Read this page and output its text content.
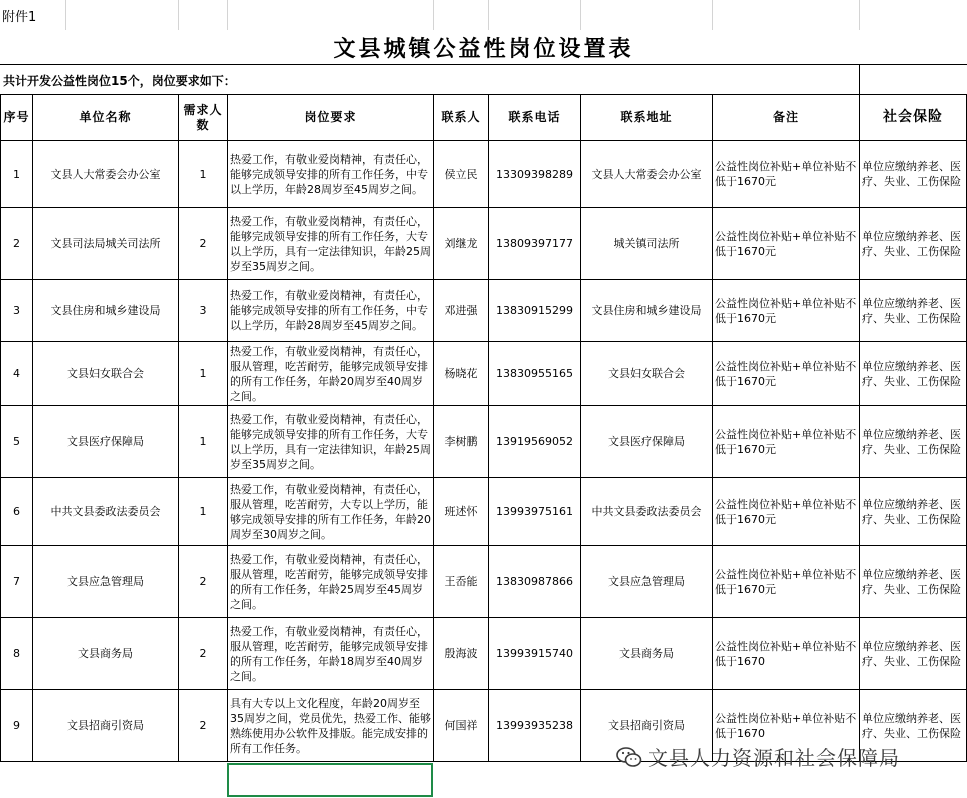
附件1
文县城镇公益性岗位设置表
共计开发公益性岗位15个，岗位要求如下：
序号	单位名称	需求人数	岗位要求	联系人	联系电话	联系地址	备注	社会保险
1	文县人大常委会办公室	1	热爱工作，有敬业爱岗精神，有责任心，能够完成领导安排的所有工作任务，中专以上学历，年龄28周岁至45周岁之间。	侯立民	13309398289	文县人大常委会办公室	公益性岗位补贴+单位补贴不低于1670元	单位应缴纳养老、医疗、失业、工伤保险
2	文县司法局城关司法所	2	热爱工作，有敬业爱岗精神，有责任心，能够完成领导安排的所有工作任务，大专以上学历，具有一定法律知识，年龄25周岁至35周岁之间。	刘继龙	13809397177	城关镇司法所	公益性岗位补贴+单位补贴不低于1670元	单位应缴纳养老、医疗、失业、工伤保险
3	文县住房和城乡建设局	3	热爱工作，有敬业爱岗精神，有责任心，能够完成领导安排的所有工作任务，中专以上学历，年龄28周岁至45周岁之间。	邓进强	13830915299	文县住房和城乡建设局	公益性岗位补贴+单位补贴不低于1670元	单位应缴纳养老、医疗、失业、工伤保险
4	文县妇女联合会	1	热爱工作，有敬业爱岗精神，有责任心，服从管理，吃苦耐劳，能够完成领导安排的所有工作任务，年龄20周岁至40周岁之间。	杨晓花	13830955165	文县妇女联合会	公益性岗位补贴+单位补贴不低于1670元	单位应缴纳养老、医疗、失业、工伤保险
5	文县医疗保障局	1	热爱工作，有敬业爱岗精神，有责任心，能够完成领导安排的所有工作任务，大专以上学历，具有一定法律知识，年龄25周岁至35周岁之间。	李树鹏	13919569052	文县医疗保障局	公益性岗位补贴+单位补贴不低于1670元	单位应缴纳养老、医疗、失业、工伤保险
6	中共文县委政法委员会	1	热爱工作，有敬业爱岗精神，有责任心，服从管理，吃苦耐劳，大专以上学历，能够完成领导安排的所有工作任务，年龄20周岁至30周岁之间。	班述怀	13993975161	中共文县委政法委员会	公益性岗位补贴+单位补贴不低于1670元	单位应缴纳养老、医疗、失业、工伤保险
7	文县应急管理局	2	热爱工作，有敬业爱岗精神，有责任心，服从管理，吃苦耐劳，能够完成领导安排的所有工作任务，年龄25周岁至45周岁之间。	王岙能	13830987866	文县应急管理局	公益性岗位补贴+单位补贴不低于1670元	单位应缴纳养老、医疗、失业、工伤保险
8	文县商务局	2	热爱工作，有敬业爱岗精神，有责任心，服从管理，吃苦耐劳，能够完成领导安排的所有工作任务，年龄18周岁至40周岁之间。	殷海波	13993915740	文县商务局	公益性岗位补贴+单位补贴不低于1670	单位应缴纳养老、医疗、失业、工伤保险
9	文县招商引资局	2	具有大专以上文化程度，年龄20周岁至35周岁之间，党员优先，热爱工作、能够熟练使用办公软件及排版。能完成安排的所有工作任务。	何国祥	13993935238	文县招商引资局	公益性岗位补贴+单位补贴不低于1670	单位应缴纳养老、医疗、失业、工伤保险
文县人力资源和社会保障局
